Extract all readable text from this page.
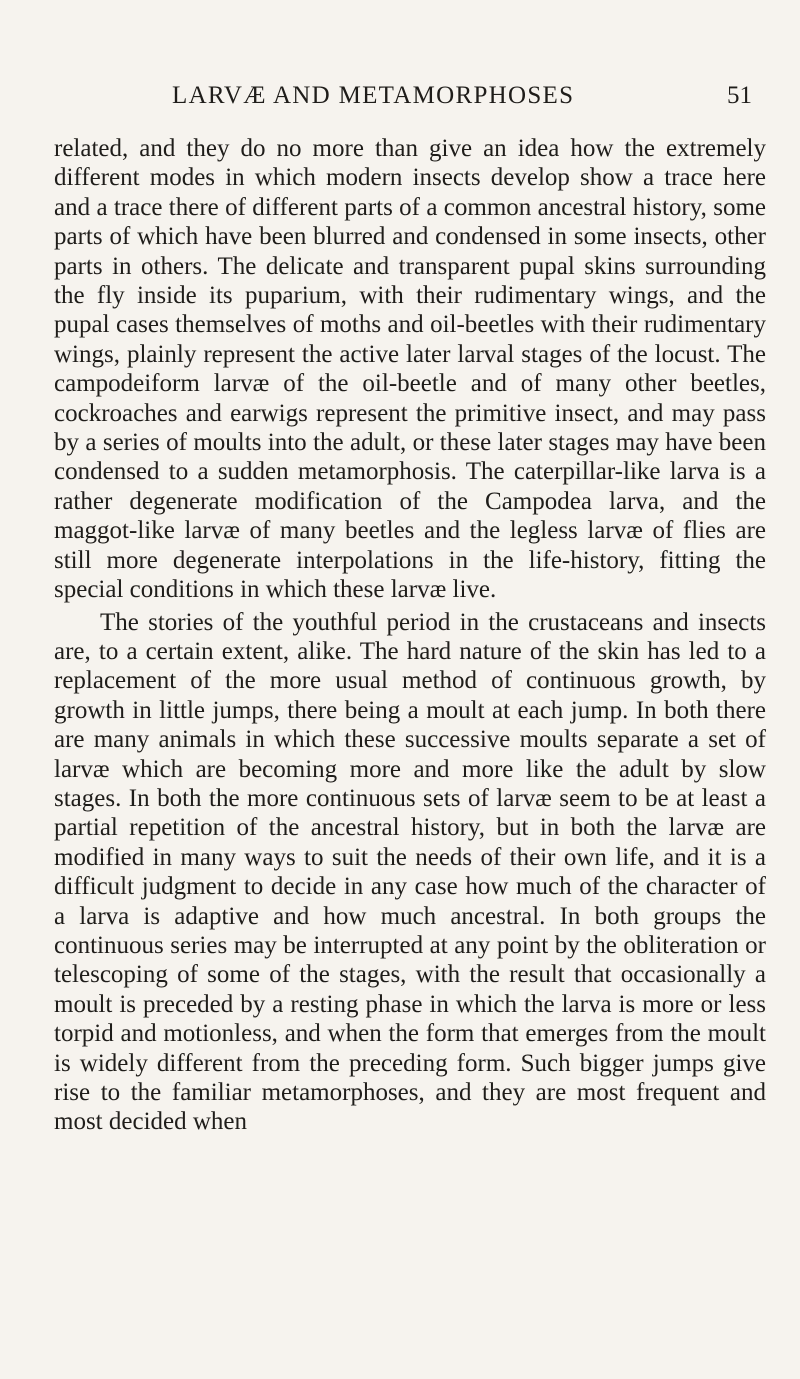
LARVÆ AND METAMORPHOSES	51

related, and they do no more than give an idea how the extremely different modes in which modern insects develop show a trace here and a trace there of different parts of a common ancestral history, some parts of which have been blurred and condensed in some insects, other parts in others. The delicate and transparent pupal skins surrounding the fly inside its puparium, with their rudimentary wings, and the pupal cases themselves of moths and oil-beetles with their rudimentary wings, plainly represent the active later larval stages of the locust. The campodeiform larvæ of the oil-beetle and of many other beetles, cockroaches and earwigs represent the primitive insect, and may pass by a series of moults into the adult, or these later stages may have been condensed to a sudden metamorphosis. The caterpillar-like larva is a rather degenerate modification of the Campodea larva, and the maggot-like larvæ of many beetles and the legless larvæ of flies are still more degenerate interpolations in the life-history, fitting the special conditions in which these larvæ live.

The stories of the youthful period in the crustaceans and insects are, to a certain extent, alike. The hard nature of the skin has led to a replacement of the more usual method of continuous growth, by growth in little jumps, there being a moult at each jump. In both there are many animals in which these successive moults separate a set of larvæ which are becoming more and more like the adult by slow stages. In both the more continuous sets of larvæ seem to be at least a partial repetition of the ancestral history, but in both the larvæ are modified in many ways to suit the needs of their own life, and it is a difficult judgment to decide in any case how much of the character of a larva is adaptive and how much ancestral. In both groups the continuous series may be interrupted at any point by the obliteration or telescoping of some of the stages, with the result that occasionally a moult is preceded by a resting phase in which the larva is more or less torpid and motionless, and when the form that emerges from the moult is widely different from the preceding form. Such bigger jumps give rise to the familiar metamorphoses, and they are most frequent and most decided when
